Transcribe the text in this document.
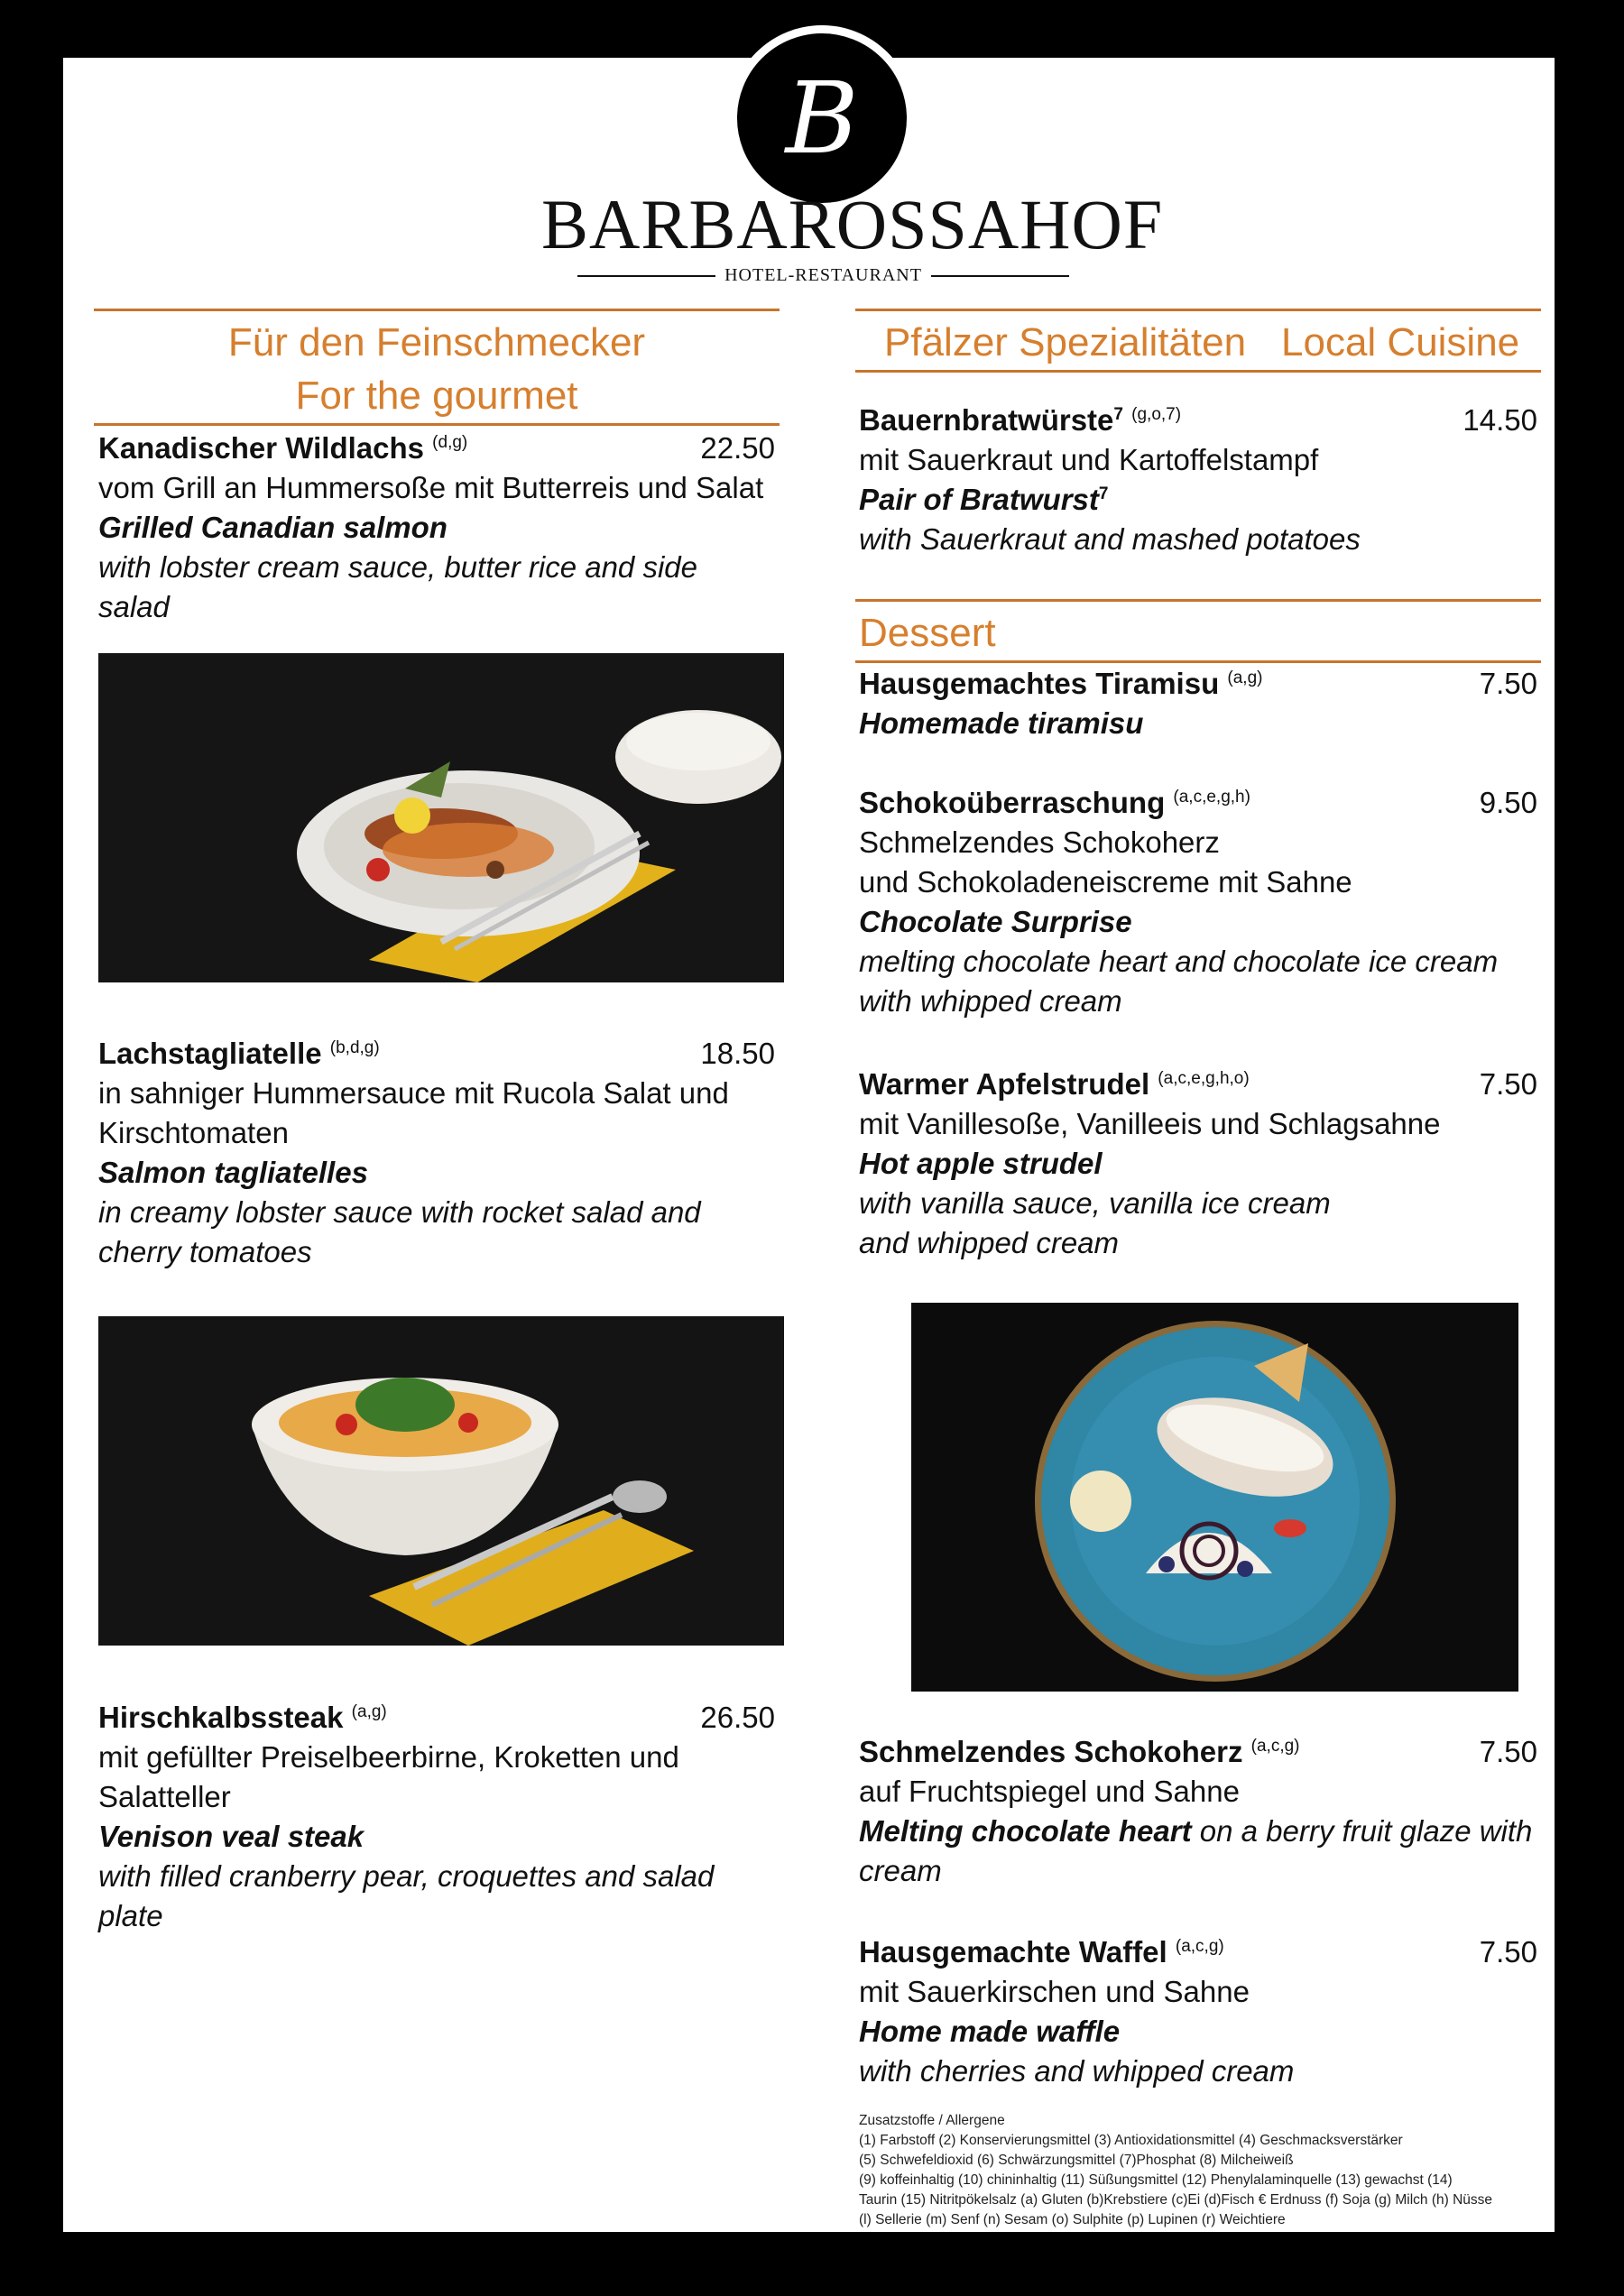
B
BARBAROSSAHOF
HOTEL-RESTAURANT
Für den Feinschmecker
For the gourmet
Kanadischer Wildlachs $^{(d,g)}$	22.50
vom Grill an Hummersoße mit Butterreis und Salat
Grilled Canadian salmon
with lobster cream sauce, butter rice and side
salad
Lachstagliatelle $^{(b,d,g)}$	18.50
in sahniger Hummersauce mit Rucola Salat und
Kirschtomaten
Salmon tagliatelles
in creamy lobster sauce with rocket salad and
cherry tomatoes
Hirschkalbssteak $^{(a,g)}$	26.50
mit gefüllter Preiselbeerbirne, Kroketten und
Salatteller
Venison veal steak
with filled cranberry pear, croquettes and salad
plate
Pfälzer Spezialitäten Local Cuisine
Bauernbratwürste$^7$ $^{(g,o,7)}$	14.50
mit Sauerkraut und Kartoffelstampf
Pair of Bratwurst$^7$
with Sauerkraut and mashed potatoes
Dessert
Hausgemachtes Tiramisu $^{(a,g)}$	7.50
Homemade tiramisu
Schokoüberraschung $^{(a,c,e,g,h)}$	9.50
Schmelzendes Schokoherz
und Schokoladeneiscreme mit Sahne
Chocolate Surprise
melting chocolate heart and chocolate ice cream
with whipped cream
Warmer Apfelstrudel $^{(a,c,e,g,h,o)}$	7.50
mit Vanillesoße, Vanilleeis und Schlagsahne
Hot apple strudel
with vanilla sauce, vanilla ice cream
and whipped cream
Schmelzendes Schokoherz $^{(a,c,g)}$	7.50
auf Fruchtspiegel und Sahne
Melting chocolate heart on a berry fruit glaze with
cream
Hausgemachte Waffel $^{(a,c,g)}$	7.50
mit Sauerkirschen und Sahne
Home made waffle
with cherries and whipped cream
Zusatzstoffe / Allergene
(1) Farbstoff (2) Konservierungsmittel (3) Antioxidationsmittel (4) Geschmacksverstärker
(5) Schwefeldioxid (6) Schwärzungsmittel (7)Phosphat (8) Milcheiweiß
(9) koffeinhaltig (10) chininhaltig (11) Süßungsmittel (12) Phenylalaminquelle (13) gewachst (14)
Taurin (15) Nitritpökelsalz (a) Gluten (b)Krebstiere (c)Ei (d)Fisch € Erdnuss (f) Soja (g) Milch (h) Nüsse
(l) Sellerie (m) Senf (n) Sesam (o) Sulphite (p) Lupinen (r) Weichtiere
